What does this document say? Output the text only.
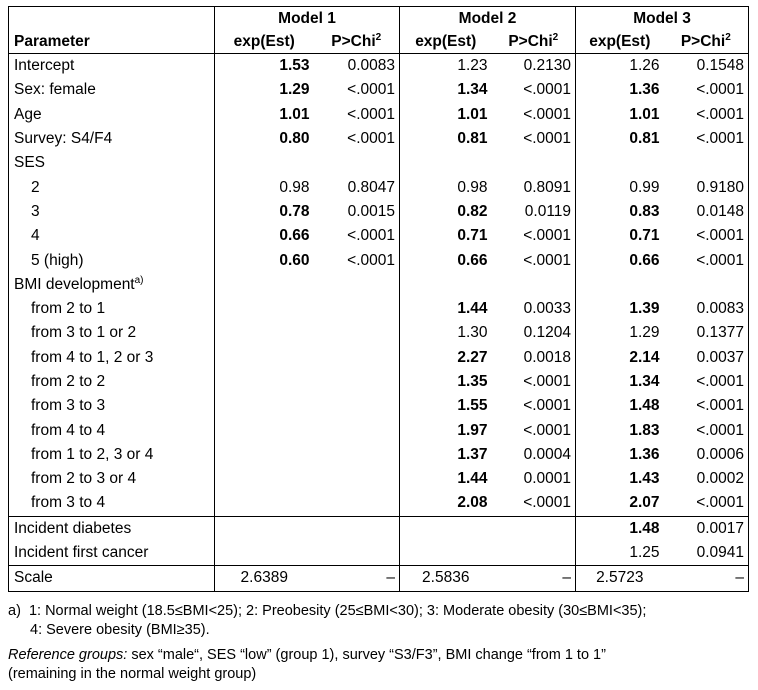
	Model 1		Model 2		Model 3	
Parameter	exp(Est)	P>Chi$^2$	exp(Est)	P>Chi$^2$	exp(Est)	P>Chi$^2$
Intercept	1.53	0.0083	1.23	0.2130	1.26	0.1548
Sex: female	1.29	<.0001	1.34	<.0001	1.36	<.0001
Age	1.01	<.0001	1.01	<.0001	1.01	<.0001
Survey: S4/F4	0.80	<.0001	0.81	<.0001	0.81	<.0001
SES						
2	0.98	0.8047	0.98	0.8091	0.99	0.9180
3	0.78	0.0015	0.82	0.0119	0.83	0.0148
4	0.66	<.0001	0.71	<.0001	0.71	<.0001
5 (high)	0.60	<.0001	0.66	<.0001	0.66	<.0001
BMI development$^{a)}$						
from 2 to 1			1.44	0.0033	1.39	0.0083
from 3 to 1 or 2			1.30	0.1204	1.29	0.1377
from 4 to 1, 2 or 3			2.27	0.0018	2.14	0.0037
from 2 to 2			1.35	<.0001	1.34	<.0001
from 3 to 3			1.55	<.0001	1.48	<.0001
from 4 to 4			1.97	<.0001	1.83	<.0001
from 1 to 2, 3 or 4			1.37	0.0004	1.36	0.0006
from 2 to 3 or 4			1.44	0.0001	1.43	0.0002
from 3 to 4			2.08	<.0001	2.07	<.0001
Incident diabetes					1.48	0.0017
Incident first cancer					1.25	0.0941
Scale	2.6389	–	2.5836	–	2.5723	–

a) 1: Normal weight (18.5≤BMI<25); 2: Preobesity (25≤BMI<30); 3: Moderate obesity (30≤BMI<35);
4: Severe obesity (BMI≥35).

Reference groups: sex “male“, SES “low” (group 1), survey “S3/F3”, BMI change “from 1 to 1”
(remaining in the normal weight group)
